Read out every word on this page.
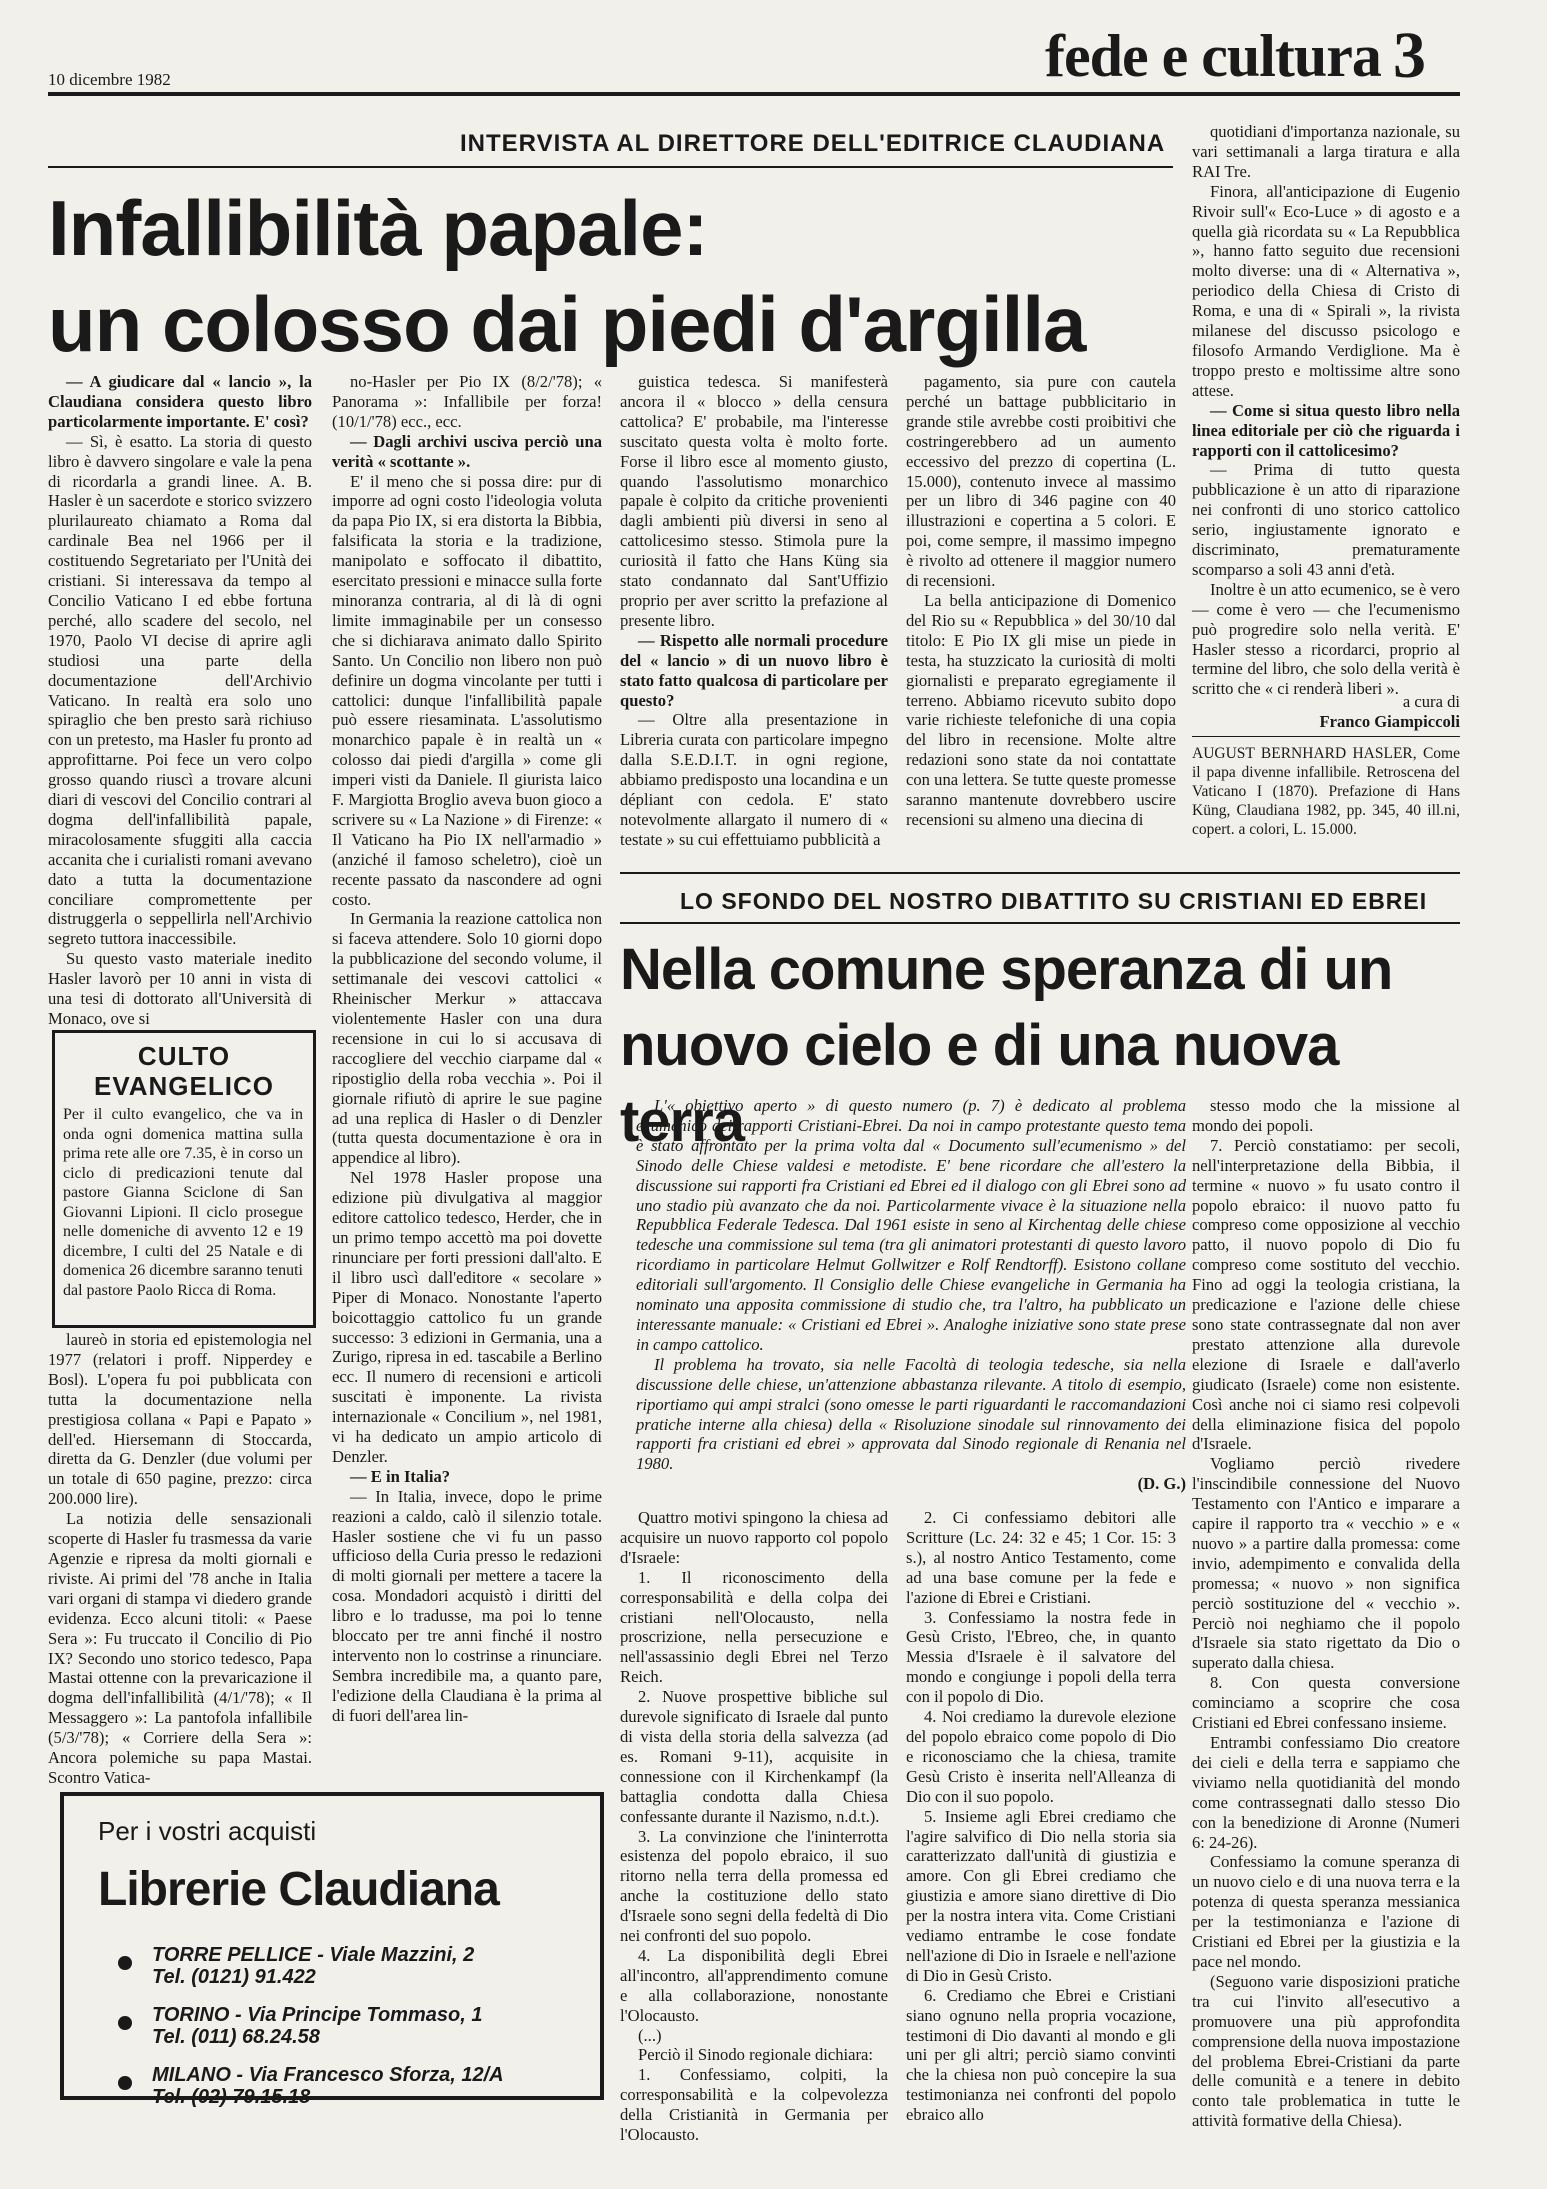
10 dicembre 1982	fede e cultura 3
INTERVISTA AL DIRETTORE DELL'EDITRICE CLAUDIANA
Infallibilità papale:
un colosso dai piedi d'argilla

— A giudicare dal « lancio », la Claudiana considera questo libro particolarmente importante. E' così?

— Sì, è esatto. La storia di questo libro è davvero singolare e vale la pena di ricordarla a grandi linee. A. B. Hasler è un sacerdote e storico svizzero plurilaureato chiamato a Roma dal cardinale Bea nel 1966 per il costituendo Segretariato per l'Unità dei cristiani. Si interessava da tempo al Concilio Vaticano I ed ebbe fortuna perché, allo scadere del secolo, nel 1970, Paolo VI decise di aprire agli studiosi una parte della documentazione dell'Archivio Vaticano. In realtà era solo uno spiraglio che ben presto sarà richiuso con un pretesto, ma Hasler fu pronto ad approfittarne. Poi fece un vero colpo grosso quando riuscì a trovare alcuni diari di vescovi del Concilio contrari al dogma dell'infallibilità papale, miracolosamente sfuggiti alla caccia accanita che i curialisti romani avevano dato a tutta la documentazione conciliare compromettente per distruggerla o seppellirla nell'Archivio segreto tuttora inaccessibile.

Su questo vasto materiale inedito Hasler lavorò per 10 anni in vista di una tesi di dottorato all'Università di Monaco, ove si

CULTO
EVANGELICO
Per il culto evangelico, che va in onda ogni domenica mattina sulla prima rete alle ore 7.35, è in corso un ciclo di predicazioni tenute dal pastore Gianna Sciclone di San Giovanni Lipioni. Il ciclo prosegue nelle domeniche di avvento 12 e 19 dicembre, I culti del 25 Natale e di domenica 26 dicembre saranno tenuti dal pastore Paolo Ricca di Roma.

laureò in storia ed epistemologia nel 1977 (relatori i proff. Nipperdey e Bosl). L'opera fu poi pubblicata con tutta la documentazione nella prestigiosa collana « Papi e Papato » dell'ed. Hiersemann di Stoccarda, diretta da G. Denzler (due volumi per un totale di 650 pagine, prezzo: circa 200.000 lire).

La notizia delle sensazionali scoperte di Hasler fu trasmessa da varie Agenzie e ripresa da molti giornali e riviste. Ai primi del '78 anche in Italia vari organi di stampa vi diedero grande evidenza. Ecco alcuni titoli: « Paese Sera »: Fu truccato il Concilio di Pio IX? Secondo uno storico tedesco, Papa Mastai ottenne con la prevaricazione il dogma dell'infallibilità (4/1/'78); « Il Messaggero »: La pantofola infallibile (5/3/'78); « Corriere della Sera »: Ancora polemiche su papa Mastai. Scontro Vatica-

no-Hasler per Pio IX (8/2/'78); « Panorama »: Infallibile per forza! (10/1/'78) ecc., ecc.

— Dagli archivi usciva perciò una verità « scottante ».

E' il meno che si possa dire: pur di imporre ad ogni costo l'ideologia voluta da papa Pio IX, si era distorta la Bibbia, falsificata la storia e la tradizione, manipolato e soffocato il dibattito, esercitato pressioni e minacce sulla forte minoranza contraria, al di là di ogni limite immaginabile per un consesso che si dichiarava animato dallo Spirito Santo. Un Concilio non libero non può definire un dogma vincolante per tutti i cattolici: dunque l'infallibilità papale può essere riesaminata. L'assolutismo monarchico papale è in realtà un « colosso dai piedi d'argilla » come gli imperi visti da Daniele. Il giurista laico F. Margiotta Broglio aveva buon gioco a scrivere su « La Nazione » di Firenze: « Il Vaticano ha Pio IX nell'armadio » (anziché il famoso scheletro), cioè un recente passato da nascondere ad ogni costo.

In Germania la reazione cattolica non si faceva attendere. Solo 10 giorni dopo la pubblicazione del secondo volume, il settimanale dei vescovi cattolici « Rheinischer Merkur » attaccava violentemente Hasler con una dura recensione in cui lo si accusava di raccogliere del vecchio ciarpame dal « ripostiglio della roba vecchia ». Poi il giornale rifiutò di aprire le sue pagine ad una replica di Hasler o di Denzler (tutta questa documentazione è ora in appendice al libro).

Nel 1978 Hasler propose una edizione più divulgativa al maggior editore cattolico tedesco, Herder, che in un primo tempo accettò ma poi dovette rinunciare per forti pressioni dall'alto. E il libro uscì dall'editore « secolare » Piper di Monaco. Nonostante l'aperto boicottaggio cattolico fu un grande successo: 3 edizioni in Germania, una a Zurigo, ripresa in ed. tascabile a Berlino ecc. Il numero di recensioni e articoli suscitati è imponente. La rivista internazionale « Concilium », nel 1981, vi ha dedicato un ampio articolo di Denzler.

— E in Italia?

— In Italia, invece, dopo le prime reazioni a caldo, calò il silenzio totale. Hasler sostiene che vi fu un passo ufficioso della Curia presso le redazioni di molti giornali per mettere a tacere la cosa. Mondadori acquistò i diritti del libro e lo tradusse, ma poi lo tenne bloccato per tre anni finché il nostro intervento non lo costrinse a rinunciare. Sembra incredibile ma, a quanto pare, l'edizione della Claudiana è la prima al di fuori dell'area lin-

guistica tedesca. Si manifesterà ancora il « blocco » della censura cattolica? E' probabile, ma l'interesse suscitato questa volta è molto forte. Forse il libro esce al momento giusto, quando l'assolutismo monarchico papale è colpito da critiche provenienti dagli ambienti più diversi in seno al cattolicesimo stesso. Stimola pure la curiosità il fatto che Hans Küng sia stato condannato dal Sant'Uffizio proprio per aver scritto la prefazione al presente libro.

— Rispetto alle normali procedure del « lancio » di un nuovo libro è stato fatto qualcosa di particolare per questo?

— Oltre alla presentazione in Libreria curata con particolare impegno dalla S.E.D.I.T. in ogni regione, abbiamo predisposto una locandina e un dépliant con cedola. E' stato notevolmente allargato il numero di « testate » su cui effettuiamo pubblicità a

pagamento, sia pure con cautela perché un battage pubblicitario in grande stile avrebbe costi proibitivi che costringerebbero ad un aumento eccessivo del prezzo di copertina (L. 15.000), contenuto invece al massimo per un libro di 346 pagine con 40 illustrazioni e copertina a 5 colori. E poi, come sempre, il massimo impegno è rivolto ad ottenere il maggior numero di recensioni.

La bella anticipazione di Domenico del Rio su « Repubblica » del 30/10 dal titolo: E Pio IX gli mise un piede in testa, ha stuzzicato la curiosità di molti giornalisti e preparato egregiamente il terreno. Abbiamo ricevuto subito dopo varie richieste telefoniche di una copia del libro in recensione. Molte altre redazioni sono state da noi contattate con una lettera. Se tutte queste promesse saranno mantenute dovrebbero uscire recensioni su almeno una diecina di

quotidiani d'importanza nazionale, su vari settimanali a larga tiratura e alla RAI Tre.

Finora, all'anticipazione di Eugenio Rivoir sull'« Eco-Luce » di agosto e a quella già ricordata su « La Repubblica », hanno fatto seguito due recensioni molto diverse: una di « Alternativa », periodico della Chiesa di Cristo di Roma, e una di « Spirali », la rivista milanese del discusso psicologo e filosofo Armando Verdiglione. Ma è troppo presto e moltissime altre sono attese.

— Come si situa questo libro nella linea editoriale per ciò che riguarda i rapporti con il cattolicesimo?

— Prima di tutto questa pubblicazione è un atto di riparazione nei confronti di uno storico cattolico serio, ingiustamente ignorato e discriminato, prematuramente scomparso a soli 43 anni d'età.

Inoltre è un atto ecumenico, se è vero — come è vero — che l'ecumenismo può progredire solo nella verità. E' Hasler stesso a ricordarci, proprio al termine del libro, che solo della verità è scritto che « ci renderà liberi ».

a cura di
Franco Giampiccoli
AUGUST BERNHARD HASLER, Come il papa divenne infallibile. Retroscena del Vaticano I (1870). Prefazione di Hans Küng, Claudiana 1982, pp. 345, 40 ill.ni, copert. a colori, L. 15.000.
LO SFONDO DEL NOSTRO DIBATTITO SU CRISTIANI ED EBREI
Nella comune speranza di un
nuovo cielo e di una nuova terra

L'« obiettivo aperto » di questo numero (p. 7) è dedicato al problema ecumenico dei rapporti Cristiani-Ebrei. Da noi in campo protestante questo tema è stato affrontato per la prima volta dal « Documento sull'ecumenismo » del Sinodo delle Chiese valdesi e metodiste. E' bene ricordare che all'estero la discussione sui rapporti fra Cristiani ed Ebrei ed il dialogo con gli Ebrei sono ad uno stadio più avanzato che da noi. Particolarmente vivace è la situazione nella Repubblica Federale Tedesca. Dal 1961 esiste in seno al Kirchentag delle chiese tedesche una commissione sul tema (tra gli animatori protestanti di questo lavoro ricordiamo in particolare Helmut Gollwitzer e Rolf Rendtorff). Esistono collane editoriali sull'argomento. Il Consiglio delle Chiese evangeliche in Germania ha nominato una apposita commissione di studio che, tra l'altro, ha pubblicato un interessante manuale: « Cristiani ed Ebrei ». Analoghe iniziative sono state prese in campo cattolico.

Il problema ha trovato, sia nelle Facoltà di teologia tedesche, sia nella discussione delle chiese, un'attenzione abbastanza rilevante. A titolo di esempio, riportiamo qui ampi stralci (sono omesse le parti riguardanti le raccomandazioni pratiche interne alla chiesa) della « Risoluzione sinodale sul rinnovamento dei rapporti fra cristiani ed ebrei » approvata dal Sinodo regionale di Renania nel 1980.

(D. G.)

Quattro motivi spingono la chiesa ad acquisire un nuovo rapporto col popolo d'Israele:

1. Il riconoscimento della corresponsabilità e della colpa dei cristiani nell'Olocausto, nella proscrizione, nella persecuzione e nell'assassinio degli Ebrei nel Terzo Reich.

2. Nuove prospettive bibliche sul durevole significato di Israele dal punto di vista della storia della salvezza (ad es. Romani 9-11), acquisite in connessione con il Kirchenkampf (la battaglia condotta dalla Chiesa confessante durante il Nazismo, n.d.t.).

3. La convinzione che l'ininterrotta esistenza del popolo ebraico, il suo ritorno nella terra della promessa ed anche la costituzione dello stato d'Israele sono segni della fedeltà di Dio nei confronti del suo popolo.

4. La disponibilità degli Ebrei all'incontro, all'apprendimento comune e alla collaborazione, nonostante l'Olocausto.

(...)

Perciò il Sinodo regionale dichiara:

1. Confessiamo, colpiti, la corresponsabilità e la colpevolezza della Cristianità in Germania per l'Olocausto.

2. Ci confessiamo debitori alle Scritture (Lc. 24: 32 e 45; 1 Cor. 15: 3 s.), al nostro Antico Testamento, come ad una base comune per la fede e l'azione di Ebrei e Cristiani.

3. Confessiamo la nostra fede in Gesù Cristo, l'Ebreo, che, in quanto Messia d'Israele è il salvatore del mondo e congiunge i popoli della terra con il popolo di Dio.

4. Noi crediamo la durevole elezione del popolo ebraico come popolo di Dio e riconosciamo che la chiesa, tramite Gesù Cristo è inserita nell'Alleanza di Dio con il suo popolo.

5. Insieme agli Ebrei crediamo che l'agire salvifico di Dio nella storia sia caratterizzato dall'unità di giustizia e amore. Con gli Ebrei crediamo che giustizia e amore siano direttive di Dio per la nostra intera vita. Come Cristiani vediamo entrambe le cose fondate nell'azione di Dio in Israele e nell'azione di Dio in Gesù Cristo.

6. Crediamo che Ebrei e Cristiani siano ognuno nella propria vocazione, testimoni di Dio davanti al mondo e gli uni per gli altri; perciò siamo convinti che la chiesa non può concepire la sua testimonianza nei confronti del popolo ebraico allo

stesso modo che la missione al mondo dei popoli.

7. Perciò constatiamo: per secoli, nell'interpretazione della Bibbia, il termine « nuovo » fu usato contro il popolo ebraico: il nuovo patto fu compreso come opposizione al vecchio patto, il nuovo popolo di Dio fu compreso come sostituto del vecchio. Fino ad oggi la teologia cristiana, la predicazione e l'azione delle chiese sono state contrassegnate dal non aver prestato attenzione alla durevole elezione di Israele e dall'averlo giudicato (Israele) come non esistente. Così anche noi ci siamo resi colpevoli della eliminazione fisica del popolo d'Israele.

Vogliamo perciò rivedere l'inscindibile connessione del Nuovo Testamento con l'Antico e imparare a capire il rapporto tra « vecchio » e « nuovo » a partire dalla promessa: come invio, adempimento e convalida della promessa; « nuovo » non significa perciò sostituzione del « vecchio ». Perciò noi neghiamo che il popolo d'Israele sia stato rigettato da Dio o superato dalla chiesa.

8. Con questa conversione cominciamo a scoprire che cosa Cristiani ed Ebrei confessano insieme.

Entrambi confessiamo Dio creatore dei cieli e della terra e sappiamo che viviamo nella quotidianità del mondo come contrassegnati dallo stesso Dio con la benedizione di Aronne (Numeri 6: 24-26).

Confessiamo la comune speranza di un nuovo cielo e di una nuova terra e la potenza di questa speranza messianica per la testimonianza e l'azione di Cristiani ed Ebrei per la giustizia e la pace nel mondo.

(Seguono varie disposizioni pratiche tra cui l'invito all'esecutivo a promuovere una più approfondita comprensione della nuova impostazione del problema Ebrei-Cristiani da parte delle comunità e a tenere in debito conto tale problematica in tutte le attività formative della Chiesa).

Per i vostri acquisti
Librerie Claudiana
TORRE PELLICE - Viale Mazzini, 2
Tel. (0121) 91.422
TORINO - Via Principe Tommaso, 1
Tel. (011) 68.24.58
MILANO - Via Francesco Sforza, 12/A
Tel. (02) 79.15.18
